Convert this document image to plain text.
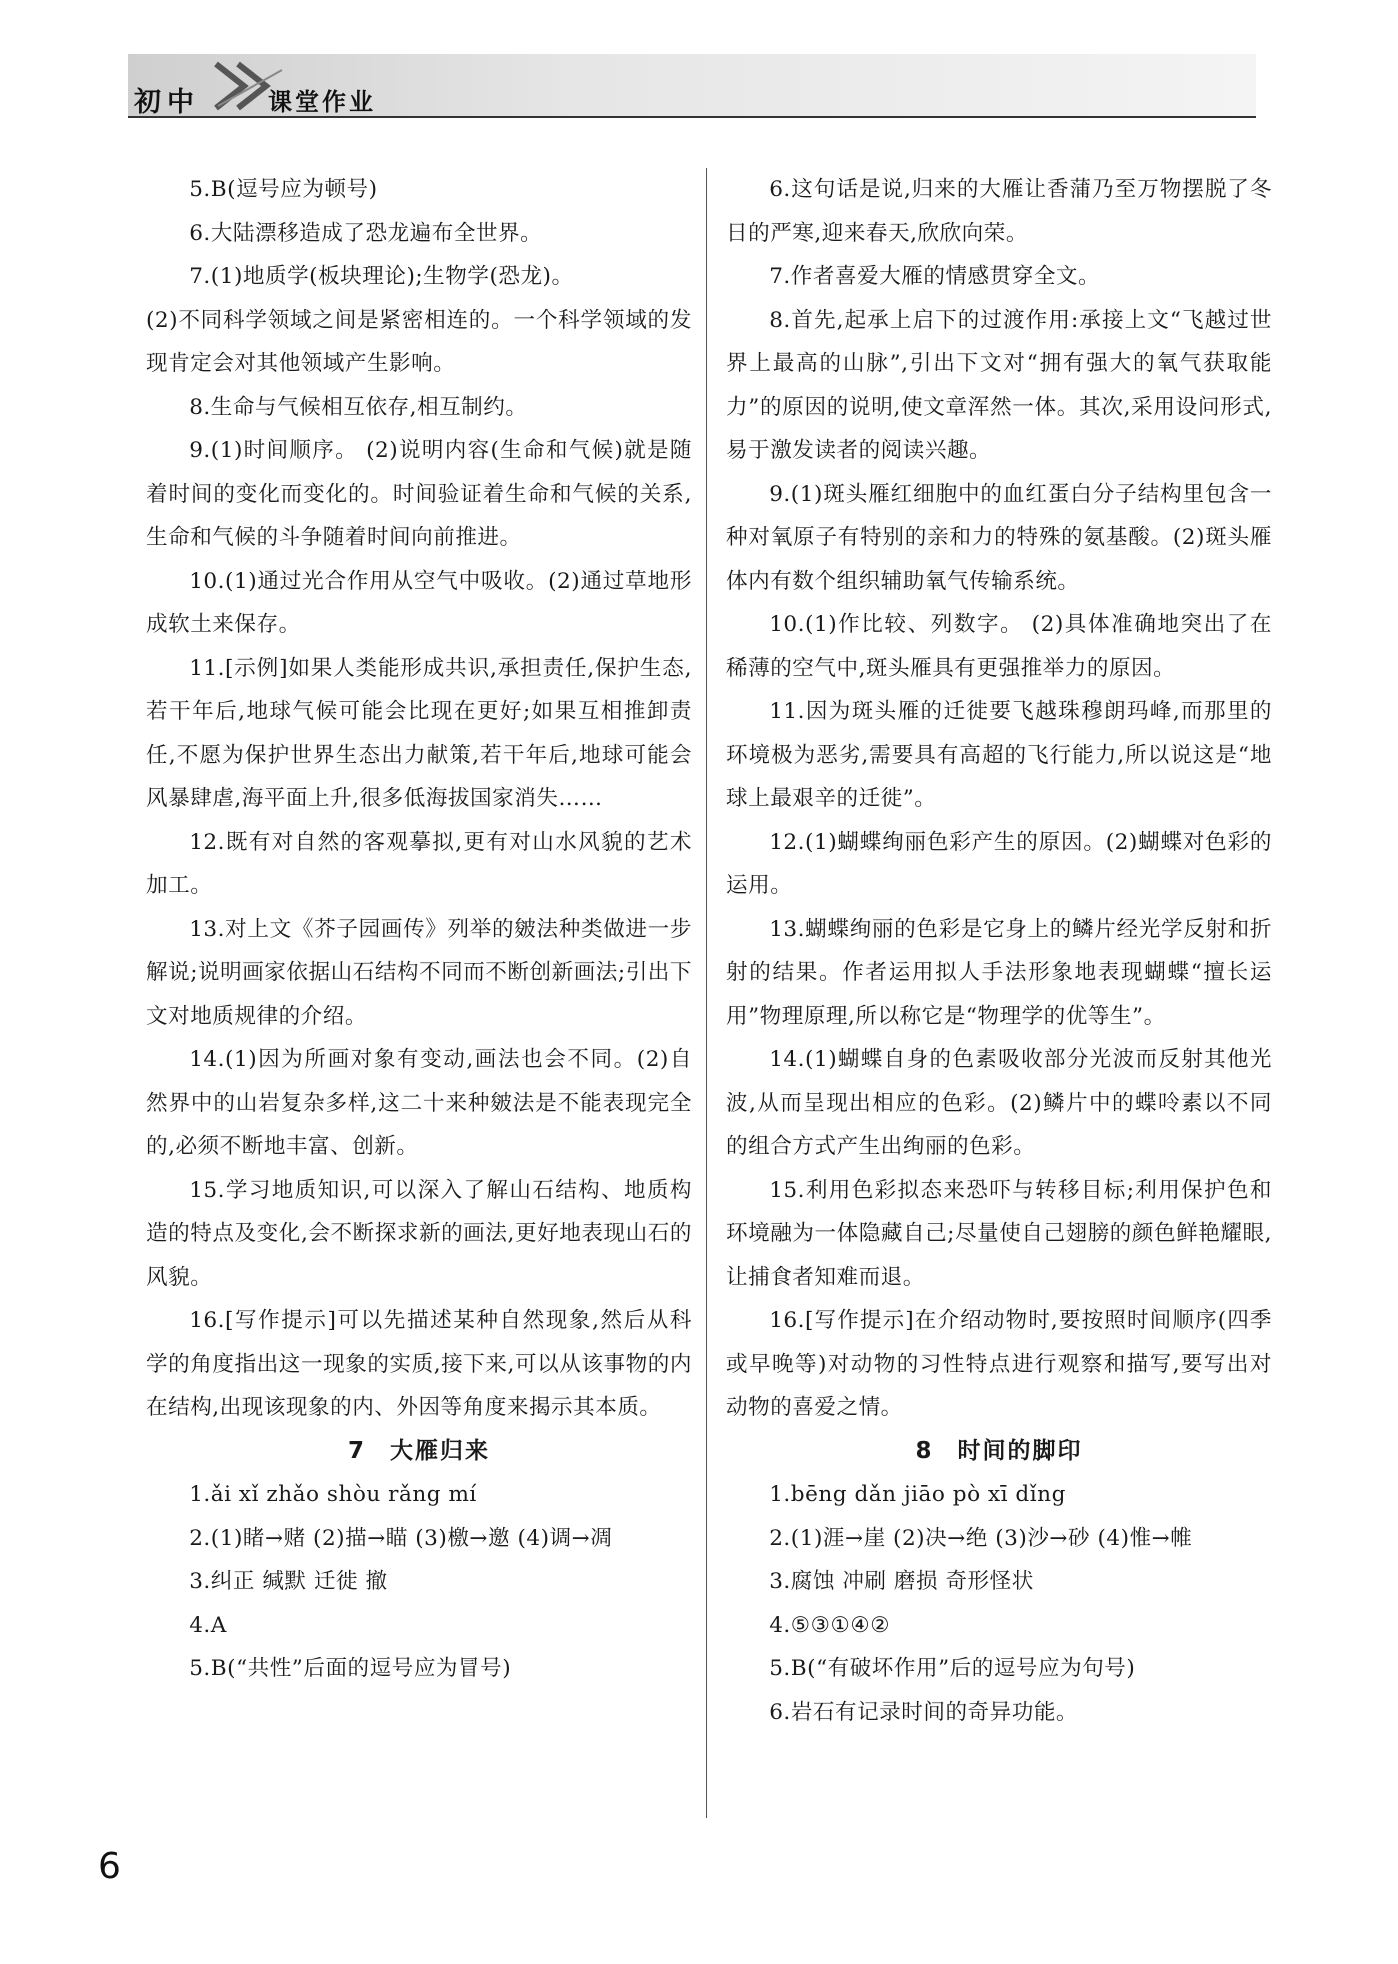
初中	课堂作业

5.B(逗号应为顿号)

6.大陆漂移造成了恐龙遍布全世界。

7.(1)地质学(板块理论);生物学(恐龙)。

(2)不同科学领域之间是紧密相连的。一个科学领域的发现肯定会对其他领域产生影响。

8.生命与气候相互依存,相互制约。

9.(1)时间顺序。 (2)说明内容(生命和气候)就是随着时间的变化而变化的。时间验证着生命和气候的关系,生命和气候的斗争随着时间向前推进。

10.(1)通过光合作用从空气中吸收。(2)通过草地形成软土来保存。

11.[示例]如果人类能形成共识,承担责任,保护生态,若干年后,地球气候可能会比现在更好;如果互相推卸责任,不愿为保护世界生态出力献策,若干年后,地球可能会风暴肆虐,海平面上升,很多低海拔国家消失……

12.既有对自然的客观摹拟,更有对山水风貌的艺术加工。

13.对上文《芥子园画传》列举的皴法种类做进一步解说;说明画家依据山石结构不同而不断创新画法;引出下文对地质规律的介绍。

14.(1)因为所画对象有变动,画法也会不同。(2)自然界中的山岩复杂多样,这二十来种皴法是不能表现完全的,必须不断地丰富、创新。

15.学习地质知识,可以深入了解山石结构、地质构造的特点及变化,会不断探求新的画法,更好地表现山石的风貌。

16.[写作提示]可以先描述某种自然现象,然后从科学的角度指出这一现象的实质,接下来,可以从该事物的内在结构,出现该现象的内、外因等角度来揭示其本质。

7 大雁归来

1.ǎi xǐ zhǎo shòu rǎng mí

2.(1)睹→赌 (2)描→瞄 (3)檄→邀 (4)调→凋

3.纠正 缄默 迁徙 撤

4.A

5.B(“共性”后面的逗号应为冒号)

6.这句话是说,归来的大雁让香蒲乃至万物摆脱了冬日的严寒,迎来春天,欣欣向荣。

7.作者喜爱大雁的情感贯穿全文。

8.首先,起承上启下的过渡作用:承接上文“飞越过世界上最高的山脉”,引出下文对“拥有强大的氧气获取能力”的原因的说明,使文章浑然一体。其次,采用设问形式,易于激发读者的阅读兴趣。

9.(1)斑头雁红细胞中的血红蛋白分子结构里包含一种对氧原子有特别的亲和力的特殊的氨基酸。(2)斑头雁体内有数个组织辅助氧气传输系统。

10.(1)作比较、列数字。 (2)具体准确地突出了在稀薄的空气中,斑头雁具有更强推举力的原因。

11.因为斑头雁的迁徙要飞越珠穆朗玛峰,而那里的环境极为恶劣,需要具有高超的飞行能力,所以说这是“地球上最艰辛的迁徙”。

12.(1)蝴蝶绚丽色彩产生的原因。(2)蝴蝶对色彩的运用。

13.蝴蝶绚丽的色彩是它身上的鳞片经光学反射和折射的结果。作者运用拟人手法形象地表现蝴蝶“擅长运用”物理原理,所以称它是“物理学的优等生”。

14.(1)蝴蝶自身的色素吸收部分光波而反射其他光波,从而呈现出相应的色彩。(2)鳞片中的蝶呤素以不同的组合方式产生出绚丽的色彩。

15.利用色彩拟态来恐吓与转移目标;利用保护色和环境融为一体隐藏自己;尽量使自己翅膀的颜色鲜艳耀眼,让捕食者知难而退。

16.[写作提示]在介绍动物时,要按照时间顺序(四季或早晚等)对动物的习性特点进行观察和描写,要写出对动物的喜爱之情。

8 时间的脚印

1.bēng dǎn jiāo pò xī dǐng

2.(1)涯→崖 (2)决→绝 (3)沙→砂 (4)惟→帷

3.腐蚀 冲刷 磨损 奇形怪状

4.⑤③①④②

5.B(“有破坏作用”后的逗号应为句号)

6.岩石有记录时间的奇异功能。

6
